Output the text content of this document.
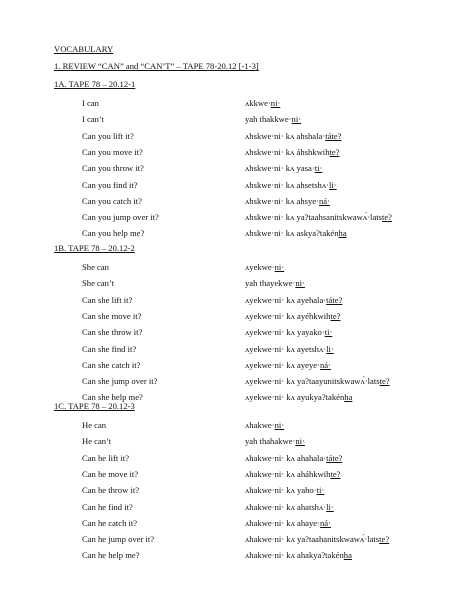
VOCABULARY
1. REVIEW “CAN” and “CAN’T” – TAPE 78-20.12 [-1-3]
1A. TAPE 78 – 20.12-1
I can	ʌkkwe·ni·
I can’t	yah thakkwe·ni·
Can you lift it?	ʌhskwe·ni· kʌ ahshala·táte?
Can you move it?	ʌhskwe·ni· kʌ áhshkwihte?
Can you throw it?	ʌhskwe·ni· kʌ yasa·ti·
Can you find it?	ʌhskwe·ni· kʌ ahsetshʌ·li·
Can you catch it?	ʌhskwe·ni· kʌ ahsye·ná·
Can you jump over it?	ʌhskwe·ni· kʌ ya?taahsanitskwawʌ́·latste?
Can you help me?	ʌhskwe·ni· kʌ askya?takénha
1B. TAPE 78 – 20.12-2
She can	ʌyekwe·ni·
She can’t	yah thayekwe·ni·
Can she lift it?	ʌyekwe·ni· kʌ ayehala·táte?
Can she move it?	ʌyekwe·ni· kʌ ayéhkwihte?
Can she throw it?	ʌyekwe·ni· kʌ yayako·ti·
Can she find it?	ʌyekwe·ni· kʌ ayetshʌ·li·
Can she catch it?	ʌyekwe·ni· kʌ ayeye·ná·
Can she jump over it?	ʌyekwe·ni· kʌ ya?taayunitskwawʌ́·latste?
Can she help me?	ʌyekwe·ni· kʌ ayukya?takénha
1C. TAPE 78 – 20.12-3
He can	ʌhakwe·ni·
He can’t	yah thahakwe·ni·
Can he lift it?	ʌhakwe·ni· kʌ ahahala·táte?
Can he move it?	ʌhakwe·ni· kʌ aháhkwihte?
Can he throw it?	ʌhakwe·ni· kʌ yaho·ti·
Can he find it?	ʌhakwe·ni· kʌ ahatshʌ·li·
Can he catch it?	ʌhakwe·ni· kʌ ahaye·ná·
Can he jump over it?	ʌhakwe·ni· kʌ ya?taahanitskwawʌ́·latste?
Can he help me?	ʌhakwe·ni· kʌ ahakya?takénha
